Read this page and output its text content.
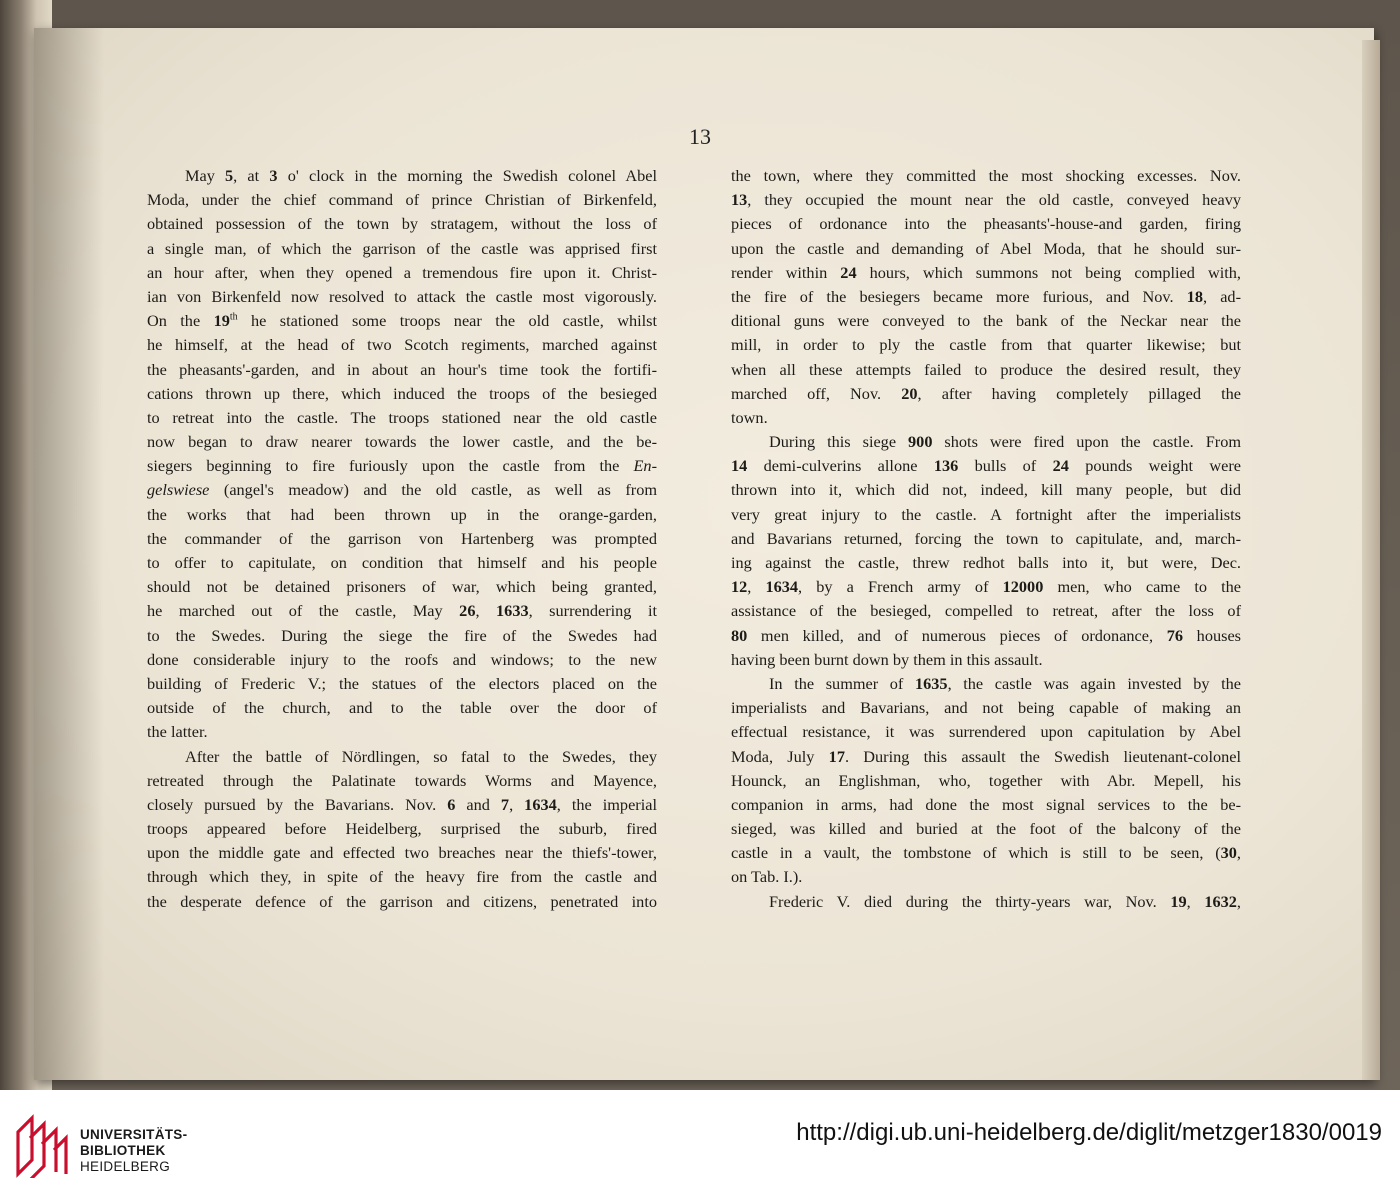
13
May 5, at 3 o' clock in the morning the Swedish colonel Abel
Moda, under the chief command of prince Christian of Birkenfeld,
obtained possession of the town by stratagem, without the loss of
a single man, of which the garrison of the castle was apprised first
an hour after, when they opened a tremendous fire upon it. Christ-
ian von Birkenfeld now resolved to attack the castle most vigorously.
On the 19th he stationed some troops near the old castle, whilst
he himself, at the head of two Scotch regiments, marched against
the pheasants'-garden, and in about an hour's time took the fortifi-
cations thrown up there, which induced the troops of the besieged
to retreat into the castle. The troops stationed near the old castle
now began to draw nearer towards the lower castle, and the be-
siegers beginning to fire furiously upon the castle from the En-
gelswiese (angel's meadow) and the old castle, as well as from
the works that had been thrown up in the orange-garden,
the commander of the garrison von Hartenberg was prompted
to offer to capitulate, on condition that himself and his people
should not be detained prisoners of war, which being granted,
he marched out of the castle, May 26, 1633, surrendering it
to the Swedes. During the siege the fire of the Swedes had
done considerable injury to the roofs and windows; to the new
building of Frederic V.; the statues of the electors placed on the
outside of the church, and to the table over the door of
the latter.
After the battle of Nördlingen, so fatal to the Swedes, they
retreated through the Palatinate towards Worms and Mayence,
closely pursued by the Bavarians. Nov. 6 and 7, 1634, the imperial
troops appeared before Heidelberg, surprised the suburb, fired
upon the middle gate and effected two breaches near the thiefs'-tower,
through which they, in spite of the heavy fire from the castle and
the desperate defence of the garrison and citizens, penetrated into
the town, where they committed the most shocking excesses. Nov.
13, they occupied the mount near the old castle, conveyed heavy
pieces of ordonance into the pheasants'-house-and garden, firing
upon the castle and demanding of Abel Moda, that he should sur-
render within 24 hours, which summons not being complied with,
the fire of the besiegers became more furious, and Nov. 18, ad-
ditional guns were conveyed to the bank of the Neckar near the
mill, in order to ply the castle from that quarter likewise; but
when all these attempts failed to produce the desired result, they
marched off, Nov. 20, after having completely pillaged the
town.
During this siege 900 shots were fired upon the castle. From
14 demi-culverins allone 136 bulls of 24 pounds weight were
thrown into it, which did not, indeed, kill many people, but did
very great injury to the castle. A fortnight after the imperialists
and Bavarians returned, forcing the town to capitulate, and, march-
ing against the castle, threw redhot balls into it, but were, Dec.
12, 1634, by a French army of 12000 men, who came to the
assistance of the besieged, compelled to retreat, after the loss of
80 men killed, and of numerous pieces of ordonance, 76 houses
having been burnt down by them in this assault.
In the summer of 1635, the castle was again invested by the
imperialists and Bavarians, and not being capable of making an
effectual resistance, it was surrendered upon capitulation by Abel
Moda, July 17. During this assault the Swedish lieutenant-colonel
Hounck, an Englishman, who, together with Abr. Mepell, his
companion in arms, had done the most signal services to the be-
sieged, was killed and buried at the foot of the balcony of the
castle in a vault, the tombstone of which is still to be seen, (30,
on Tab. I.).
Frederic V. died during the thirty-years war, Nov. 19, 1632,
UNIVERSITÄTS-
BIBLIOTHEK
HEIDELBERG
http://digi.ub.uni-heidelberg.de/diglit/metzger1830/0019
